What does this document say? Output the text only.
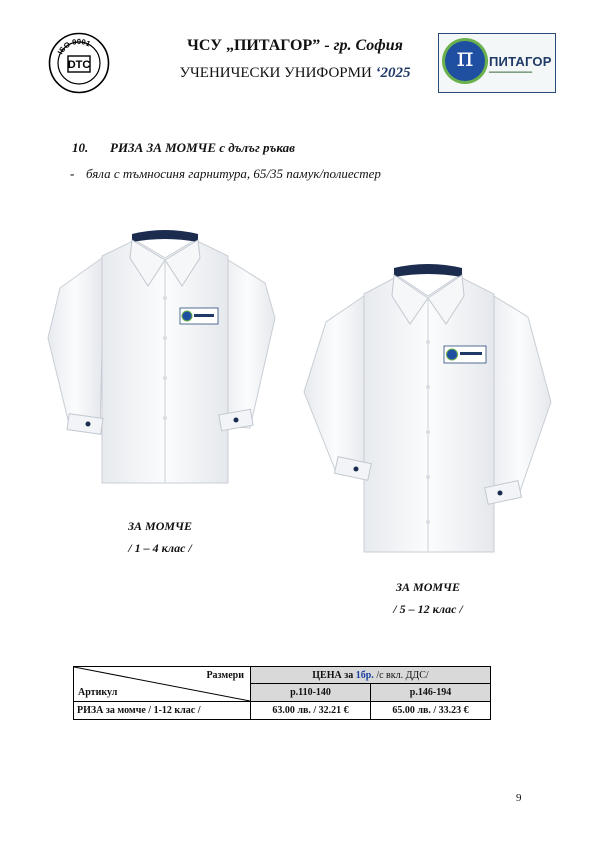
ISO 9001
DTC
ЧСУ „ПИТАГОР” - гр. София
УЧЕНИЧЕСКИ УНИФОРМИ ‘2025	π	ПИТАГОР
━━━━━━━━━━━━━
10. РИЗА ЗА МОМЧЕ с дълъг ръкав
- бяла с тъмносиня гарнитура, 65/35 памук/полиестер
ЗА МОМЧЕ
/ 1 – 4 клас /
ЗА МОМЧЕ
/ 5 – 12 клас /
Размери
Артикул	ЦЕНА за 1бр. /с вкл. ДДС/	
	р.110-140	р.146-194
РИЗА за момче / 1-12 клас /	63.00 лв. / 32.21 €	65.00 лв. / 33.23 €
9
